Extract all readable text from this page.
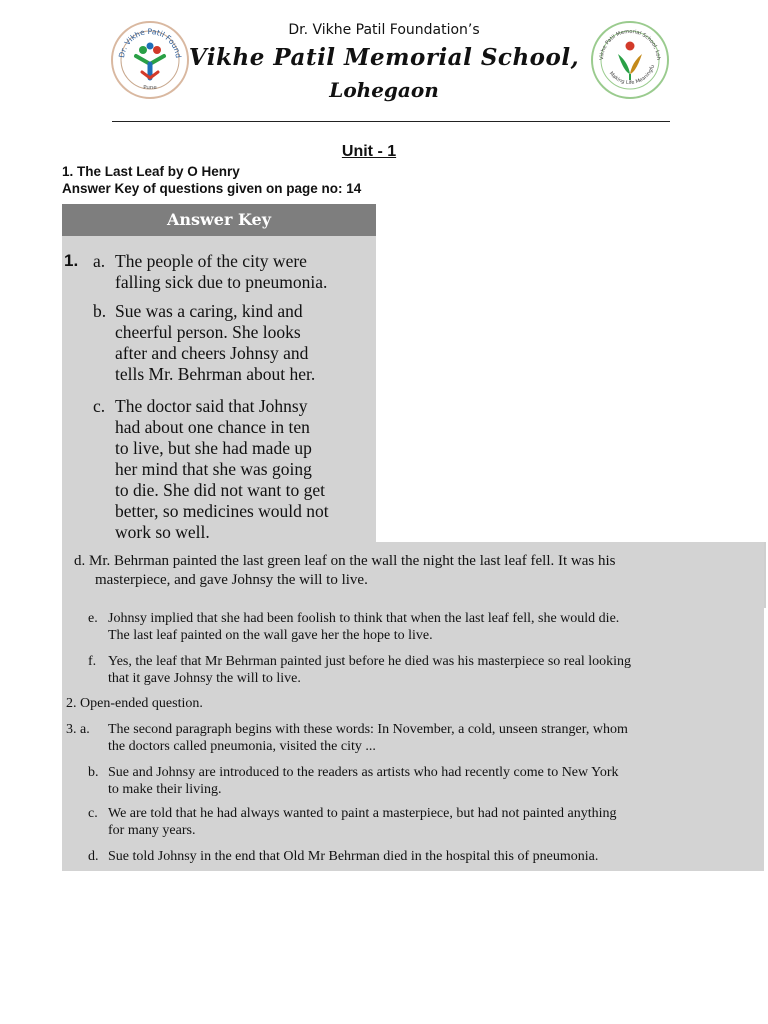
Dr. Vikhe Patil Found
Pune
Dr. Vikhe Patil Foundation’s
Vikhe Patil Memorial School,
Lohegaon
Vikhe Patil Memorial School, Loh
Making Life Meaningfu
Unit - 1
1. The Last Leaf by O Henry
Answer Key of questions given on page no: 14
Answer Key
1. a. The people of the city were
falling sick due to pneumonia.
b. Sue was a caring, kind and
cheerful person. She looks
after and cheers Johnsy and
tells Mr. Behrman about her.
c. The doctor said that Johnsy
had about one chance in ten
to live, but she had made up
her mind that she was going
to die. She did not want to get
better, so medicines would not
work so well.
d. Mr. Behrman painted the last green leaf on the wall the night the last leaf fell. It was his
masterpiece, and gave Johnsy the will to live.
e. Johnsy implied that she had been foolish to think that when the last leaf fell, she would die.
The last leaf painted on the wall gave her the hope to live.
f. Yes, the leaf that Mr Behrman painted just before he died was his masterpiece so real looking
that it gave Johnsy the will to live.
2. Open-ended question.
3. a. The second paragraph begins with these words: In November, a cold, unseen stranger, whom
the doctors called pneumonia, visited the city ...
b. Sue and Johnsy are introduced to the readers as artists who had recently come to New York
to make their living.
c. We are told that he had always wanted to paint a masterpiece, but had not painted anything
for many years.
d. Sue told Johnsy in the end that Old Mr Behrman died in the hospital this of pneumonia.
